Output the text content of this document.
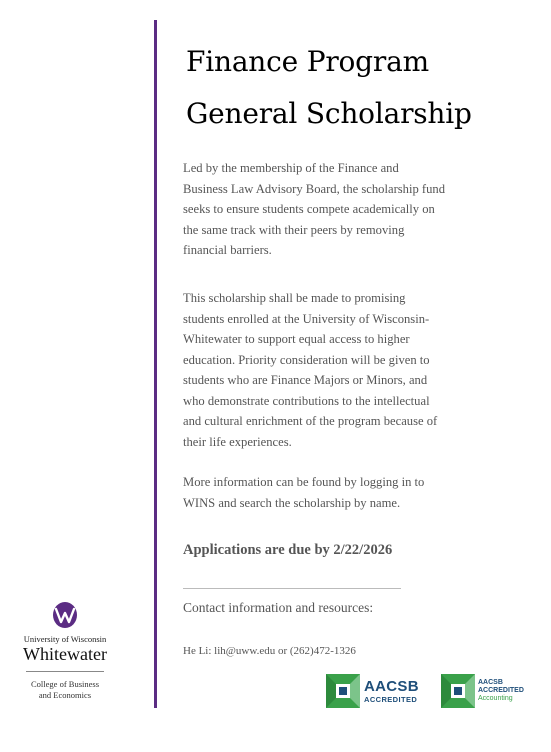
Finance Program
General Scholarship

Led by the membership of the Finance and
Business Law Advisory Board, the scholarship fund
seeks to ensure students compete academically on
the same track with their peers by removing
financial barriers.

This scholarship shall be made to promising
students enrolled at the University of Wisconsin-
Whitewater to support equal access to higher
education. Priority consideration will be given to
students who are Finance Majors or Minors, and
who demonstrate contributions to the intellectual
and cultural enrichment of the program because of
their life experiences.

More information can be found by logging in to
WINS and search the scholarship by name.

Applications are due by 2/22/2026

Contact information and resources:

He Li: lih@uww.edu or (262)472-1326

University of Wisconsin
Whitewater
College of Business
and Economics
AACSB
ACCREDITED
AACSB
ACCREDITED
Accounting
